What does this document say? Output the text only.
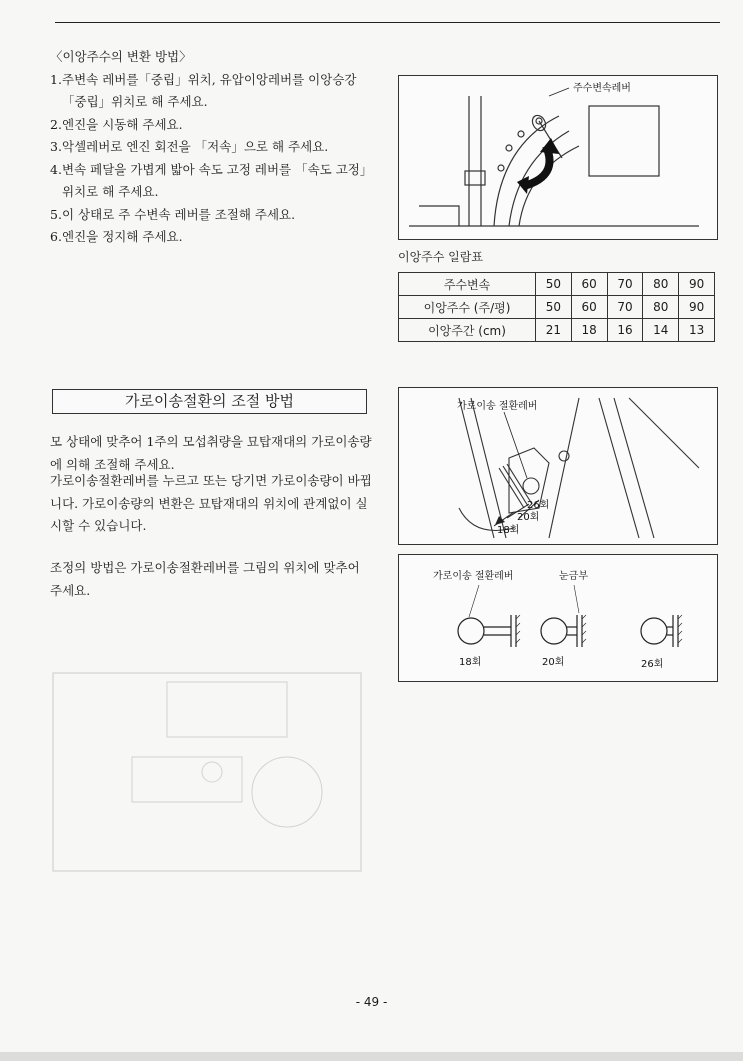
〈이앙주수의 변환 방법〉
1. 주변속 레버를「중립」위치, 유압이앙레버를 이앙승강「중립」위치로 해 주세요.
2. 엔진을 시동해 주세요.
3. 악셀레버로 엔진 회전을 「저속」으로 해 주세요.
4. 변속 페달을 가볍게 밟아 속도 고정 레버를 「속도 고정」위치로 해 주세요.
5. 이 상태로 주 수변속 레버를 조절해 주세요.
6. 엔진을 정지해 주세요.
주수변속레버
이앙주수 일람표
주수변속	50	60	70	80	90
이앙주수 (주/평)	50	60	70	80	90
이앙주간 (cm)	21	18	16	14	13
가로이송절환의 조절 방법
모 상태에 맞추어 1주의 모섭취량을 묘탑재대의 가로이송량에 의해 조절해 주세요.
가로이송절환레버를 누르고 또는 당기면 가로이송량이 바뀝니다. 가로이송량의 변환은 묘탑재대의 위치에 관계없이 실시할 수 있습니다.
조정의 방법은 가로이송절환레버를 그림의 위치에 맞추어 주세요.
가로이송 절환레버
26회
20회
18회
가로이송 절환레버	눈금부
18회	20회	26회
- 49 -
